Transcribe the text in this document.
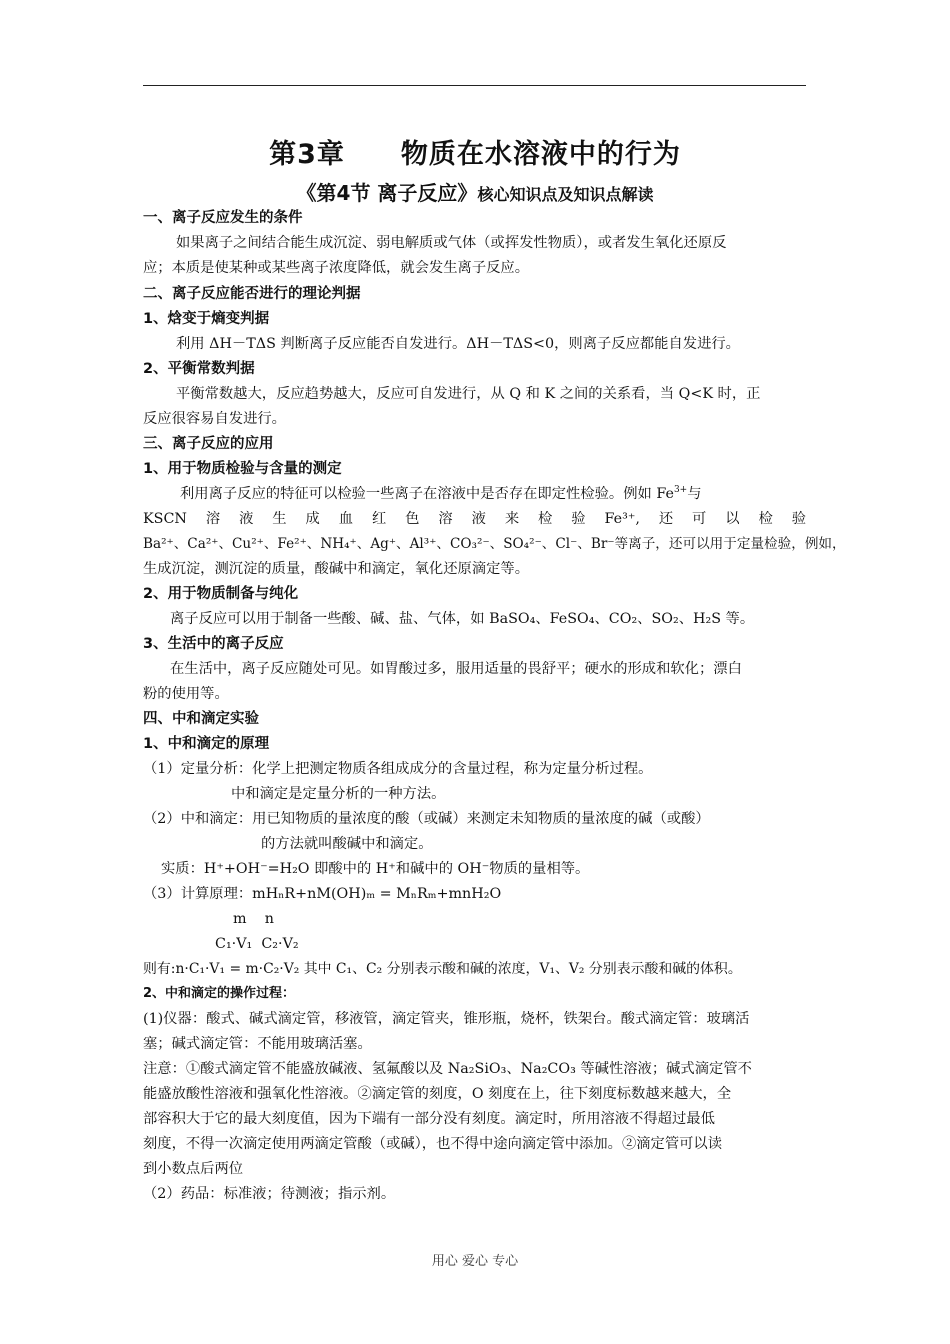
第3章 物质在水溶液中的行为
《第4节 离子反应》核心知识点及知识点解读
一、离子反应发生的条件
如果离子之间结合能生成沉淀、弱电解质或气体（或挥发性物质），或者发生氧化还原反
应；本质是使某种或某些离子浓度降低，就会发生离子反应。
二、离子反应能否进行的理论判据
1、焓变于熵变判据
利用 ΔH－TΔS 判断离子反应能否自发进行。ΔH－TΔS<0，则离子反应都能自发进行。
2、平衡常数判据
平衡常数越大，反应趋势越大，反应可自发进行，从 Q 和 K 之间的关系看，当 Q<K 时，正
反应很容易自发进行。
三、离子反应的应用
1、用于物质检验与含量的测定
利用离子反应的特征可以检验一些离子在溶液中是否存在即定性检验。例如 $Fe^{3+}$与
KSCN 溶 液 生 成 血 红 色 溶 液 来 检 验 Fe³⁺, 还 可 以 检 验
Ba²⁺、Ca²⁺、Cu²⁺、Fe²⁺、NH₄⁺、Ag⁺、Al³⁺、CO₃²⁻、SO₄²⁻、Cl⁻、Br⁻等离子，还可以用于定量检验，例如，
生成沉淀，测沉淀的质量，酸碱中和滴定，氧化还原滴定等。
2、用于物质制备与纯化
离子反应可以用于制备一些酸、碱、盐、气体，如 BaSO₄、FeSO₄、CO₂、SO₂、H₂S 等。
3、生活中的离子反应
在生活中，离子反应随处可见。如胃酸过多，服用适量的畏舒平；硬水的形成和软化；漂白
粉的使用等。
四、中和滴定实验
1、中和滴定的原理
（1）定量分析：化学上把测定物质各组成成分的含量过程，称为定量分析过程。
中和滴定是定量分析的一种方法。
（2）中和滴定：用已知物质的量浓度的酸（或碱）来测定未知物质的量浓度的碱（或酸）
的方法就叫酸碱中和滴定。
实质：H⁺+OH⁻=H₂O 即酸中的 H⁺和碱中的 OH⁻物质的量相等。
（3）计算原理：mHₙR+nM(OH)ₘ = MₙRₘ+mnH₂O
m    n
C₁·V₁  C₂·V₂
则有:n·C₁·V₁ = m·C₂·V₂ 其中 C₁、C₂ 分别表示酸和碱的浓度，V₁、V₂ 分别表示酸和碱的体积。
2、中和滴定的操作过程：
(1)仪器：酸式、碱式滴定管，移液管，滴定管夹，锥形瓶，烧杯，铁架台。酸式滴定管：玻璃活
塞；碱式滴定管：不能用玻璃活塞。
注意：①酸式滴定管不能盛放碱液、氢氟酸以及 Na₂SiO₃、Na₂CO₃ 等碱性溶液；碱式滴定管不
能盛放酸性溶液和强氧化性溶液。②滴定管的刻度，O 刻度在上，往下刻度标数越来越大，全
部容积大于它的最大刻度值，因为下端有一部分没有刻度。滴定时，所用溶液不得超过最低
刻度，不得一次滴定使用两滴定管酸（或碱），也不得中途向滴定管中添加。②滴定管可以读
到小数点后两位
（2）药品：标准液；待测液；指示剂。
用心 爱心 专心
